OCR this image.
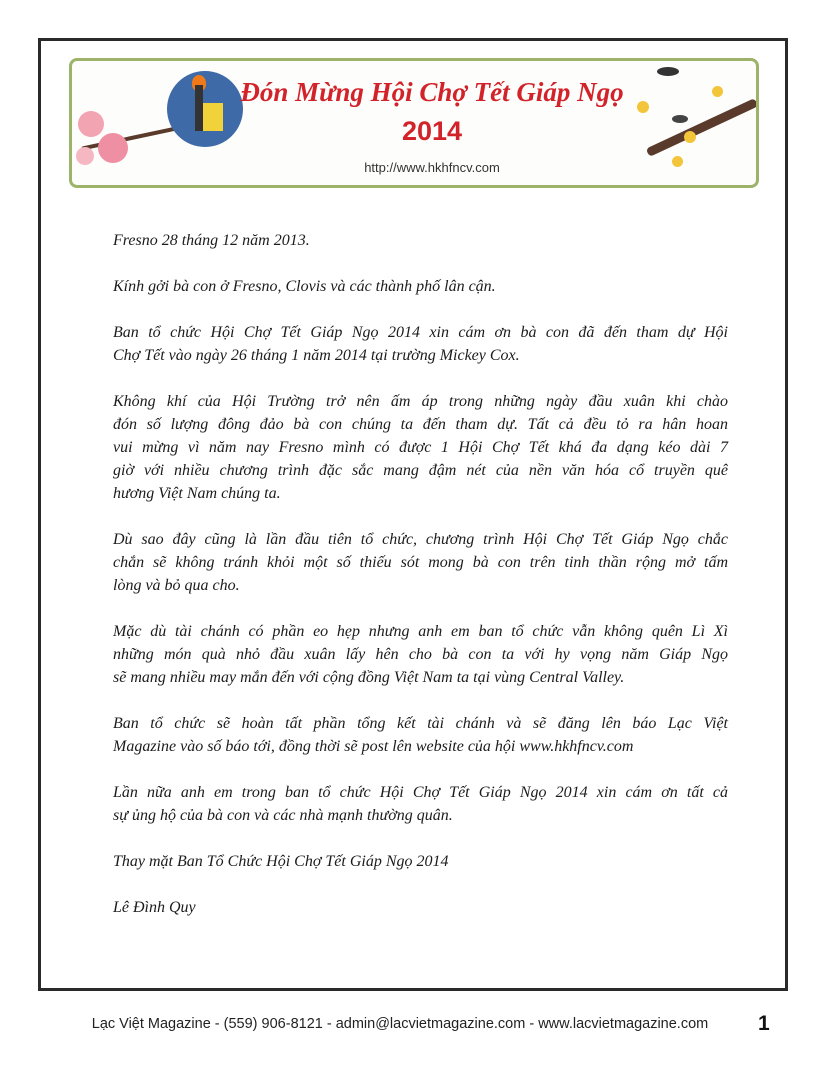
Đón Mừng Hội Chợ Tết Giáp Ngọ
2014
http://www.hkhfncv.com
Fresno 28 tháng 12 năm 2013.
Kính gởi bà con ở Fresno, Clovis và các thành phố lân cận.
Ban tổ chức Hội Chợ Tết Giáp Ngọ 2014 xin cám ơn bà con đã đến tham dự Hội
Chợ Tết vào ngày 26 tháng 1 năm 2014 tại trường Mickey Cox.
Không khí của Hội Trường trở nên ấm áp trong những ngày đầu xuân khi chào
đón số lượng đông đảo bà con chúng ta đến tham dự. Tất cả đều tỏ ra hân hoan
vui mừng vì năm nay Fresno mình có được 1 Hội Chợ Tết khá đa dạng kéo dài 7
giờ với nhiều chương trình đặc sắc mang đậm nét của nền văn hóa cổ truyền quê
hương Việt Nam chúng ta.
Dù sao đây cũng là lần đầu tiên tổ chức, chương trình Hội Chợ Tết Giáp Ngọ chắc
chắn sẽ không tránh khỏi một số thiếu sót mong bà con trên tinh thần rộng mở tấm
lòng và bỏ qua cho.
Mặc dù tài chánh có phần eo hẹp nhưng anh em ban tổ chức vẫn không quên Lì Xì
những món quà nhỏ đầu xuân lấy hên cho bà con ta với hy vọng năm Giáp Ngọ
sẽ mang nhiều may mắn đến với cộng đồng Việt Nam ta tại vùng Central Valley.
Ban tổ chức sẽ hoàn tất phần tổng kết tài chánh và sẽ đăng lên báo Lạc Việt
Magazine vào số báo tới, đồng thời sẽ post lên website của hội www.hkhfncv.com
Lần nữa anh em trong ban tổ chức Hội Chợ Tết Giáp Ngọ 2014 xin cám ơn tất cả
sự ủng hộ của bà con và các nhà mạnh thường quân.
Thay mặt Ban Tổ Chức Hội Chợ Tết Giáp Ngọ 2014
Lê Đình Quy
Lạc Việt Magazine - (559) 906-8121 - admin@lacvietmagazine.com - www.lacvietmagazine.com	1
